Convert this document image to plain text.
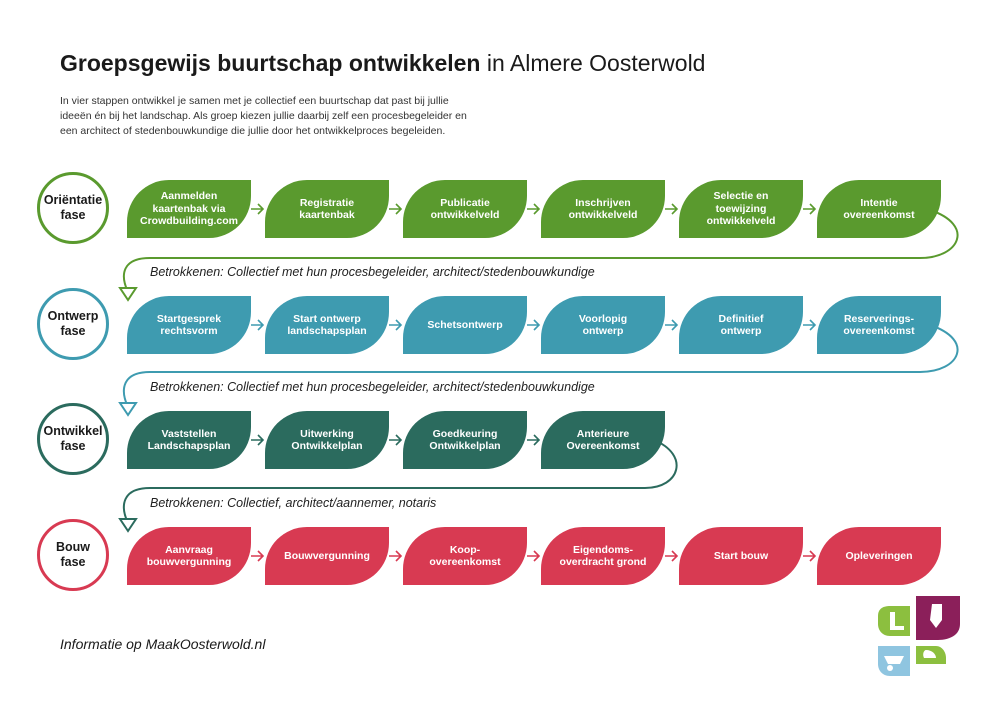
Groepsgewijs buurtschap ontwikkelen in Almere Oosterwold
In vier stappen ontwikkel je samen met je collectief een buurtschap dat past bij jullie
ideeën én bij het landschap. Als groep kiezen jullie daarbij zelf een procesbegeleider en
een architect of stedenbouwkundige die jullie door het ontwikkelproces begeleiden.
Oriëntatie
fase
Ontwerp
fase
Ontwikkel
fase
Bouw
fase
Aanmelden
kaartenbak via
Crowdbuilding.com
Registratie
kaartenbak
Publicatie
ontwikkelveld
Inschrijven
ontwikkelveld
Selectie en
toewijzing
ontwikkelveld
Intentie
overeenkomst
Startgesprek
rechtsvorm
Start ontwerp
landschapsplan
Schetsontwerp
Voorlopig
ontwerp
Definitief
ontwerp
Reserverings-
overeenkomst
Vaststellen
Landschapsplan
Uitwerking
Ontwikkelplan
Goedkeuring
Ontwikkelplan
Anterieure
Overeenkomst
Aanvraag
bouwvergunning
Bouwvergunning
Koop-
overeenkomst
Eigendoms-
overdracht grond
Start bouw	Opleveringen
Betrokkenen: Collectief met hun procesbegeleider, architect/stedenbouwkundige
Betrokkenen: Collectief met hun procesbegeleider, architect/stedenbouwkundige
Betrokkenen: Collectief, architect/aannemer, notaris
Informatie op MaakOosterwold.nl
